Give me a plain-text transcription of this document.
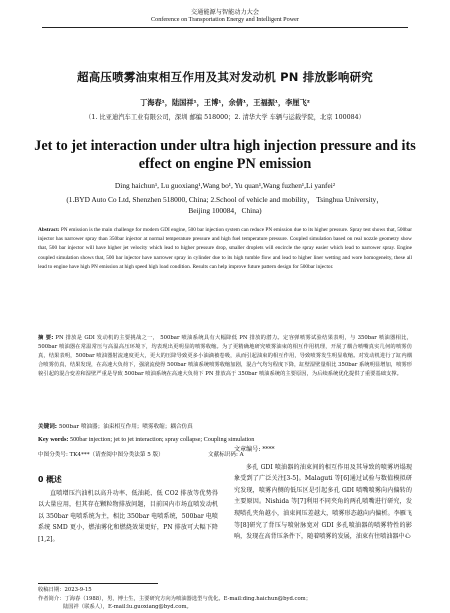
交通能源与智能动力大会
Conference on Transportation Energy and Intelligent Power
超高压喷雾油束相互作用及其对发动机 PN 排放影响研究
丁海春¹，陆国祥¹，王博¹，余倩¹，王福振¹，李厘飞²
（1. 比亚迪汽车工业有限公司，深圳 邮编 518000；2. 清华大学 车辆与运载学院，北京 100084）
Jet to jet interaction under ultra high injection pressure and its effect on engine PN emission
Ding haichun¹, Lu guoxiang¹,Wang bo¹, Yu quan¹,Wang fuzhen¹,Li yanfei²
(1.BYD Auto Co Ltd, Shenzhen 518000, China; 2.School of vehicle and mobility， Tsinghua University，Beijing 100084，China)
Abstract: PN emission is the main challenge for modern GDI engine, 500 bar injection system can reduce PN emission due to its higher pressure. Spray test shows that, 500bar injector has narrower spray than 350bar injector at normal temperature pressure and high fuel temperature pressure. Coupled simulation based on real nozzle geometry show that, 500 bar injector will have higher jet velocity which lead to higher pressure drop, smaller droplets will encircle the spray easier which lead to narrower spray. Engine coupled simulation shows that, 500 bar injector have narrower spray in cylinder due to its high tumble flow and lead to higher liner wetting and wore homogeneity, these all lead to engine have high PN emission at high speed high load condition. Results can help improve future pattern design for 500bar injector.
摘 要: PN 排放是 GDI 发动机的主要挑战之一， 500bar 喷油系统具有大幅降低 PN 排放的潜力。定容弹喷雾试验结果表明，与 350bar 喷油器相比，500bar 喷油器在常温常压与高温高压环境下，均表现出更明显的喷雾收缩。为了更精确地研究喷雾油束的相互作用机理，开展了耦合喷嘴真实几何的喷雾仿真，结果表明，500bar 喷油器射流速度更大，更大的压降导致更多小油滴被卷吸，从而引起油束的相互作用，导致喷雾发生明显收缩。对发动机进行了缸内耦合喷雾仿真，结果发现，在高速大负荷下，强滚流使得 500bar 喷油系统喷雾收缩加剧，混合气均匀程度下降，缸壁湿壁量相比 350bar 系统明显增加，喷雾形貌引起的混合变差和湿壁严重是导致 500bar 喷油系统在高速大负荷下 PN 排放高于 350bar 喷油系统的主要原因，为后续系统优化提供了重要基础支撑。
关键词: 500bar 喷油器；油束相互作用；喷雾收缩；耦合仿真
Key words: 500bar injection; jet to jet interaction; spray collapse; Coupling simulation
中图分类号: TK4***（请查阅中图分类法第 5 版）	文献标识码: A
0 概述
直喷增压汽油机以高升功率、低油耗、低 CO2 排放等优势得以大量应用，但其存在颗粒物排放问题，目前国内市场直喷发动机以 350bar 电喷系统为主，相比 350bar 电喷系统，500bar 电喷系统 SMD 更小，燃油雾化和燃烧效果更好，PN 排放可大幅下降[1,2]。
文章编号: ****
多孔 GDI 喷油器的油束间的相互作用及其导致的喷雾坍塌现象受到了广泛关注[3-5]。Malaguti 等[6]通过试验与数值模拟研究发现，喷雾内侧的低压区是引起多孔 GDI 喷嘴喷雾向内偏转的主要原因。Nishida 等[7]利用不同夹角的两孔喷嘴进行研究，发现喷孔夹角越小，油束间压差越大，喷雾形态越向内偏析。李雁飞等[8]研究了背压与喷射脉宽对 GDI 多孔喷油器的喷雾特性的影响，发现在高背压条件下，随着喷雾的发展，油束有往喷油器中心
收稿日期：2023-9-15
作者简介：丁海春（1988），男，博士生，主要研究方向为喷油器选型与优化。E-mail:ding.haichun@byd.com；
陆国祥（联系人），E-mail:lu.guoxiang@byd.com。
